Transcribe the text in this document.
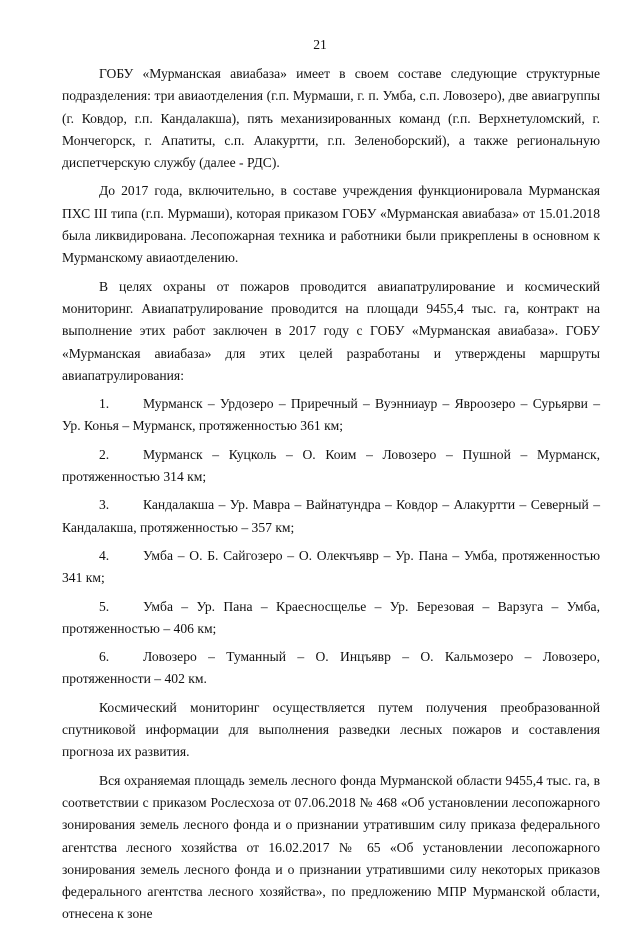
21

ГОБУ «Мурманская авиабаза» имеет в своем составе следующие структурные подразделения: три авиаотделения (г.п. Мурмаши, г. п. Умба, с.п. Ловозеро), две авиагруппы (г. Ковдор, г.п. Кандалакша), пять механизированных команд (г.п. Верхнетуломский, г. Мончегорск, г. Апатиты, с.п. Алакуртти, г.п. Зеленоборский), а также региональную диспетчерскую службу (далее - РДС).

До 2017 года, включительно, в составе учреждения функционировала Мурманская ПХС III типа (г.п. Мурмаши), которая приказом ГОБУ «Мурманская авиабаза» от 15.01.2018 была ликвидирована. Лесопожарная техника и работники были прикреплены в основном к Мурманскому авиаотделению.

В целях охраны от пожаров проводится авиапатрулирование и космический мониторинг. Авиапатрулирование проводится на площади 9455,4 тыс. га, контракт на выполнение этих работ заключен в 2017 году с ГОБУ «Мурманская авиабаза». ГОБУ «Мурманская авиабаза» для этих целей разработаны и утверждены маршруты авиапатрулирования:

1. Мурманск – Урдозеро – Приречный – Вуэнниаур – Явроозеро – Сурьярви – Ур. Конья – Мурманск, протяженностью 361 км;

2. Мурманск – Куцколь – О. Коим – Ловозеро – Пушной – Мурманск, протяженностью 314 км;

3. Кандалакша – Ур. Мавра – Вайнатундра – Ковдор – Алакуртти – Северный – Кандалакша, протяженностью – 357 км;

4. Умба – О. Б. Сайгозеро – О. Олекчъявр – Ур. Пана – Умба, протяженностью 341 км;

5. Умба – Ур. Пана – Краесносщелье – Ур. Березовая – Варзуга – Умба, протяженностью – 406 км;

6. Ловозеро – Туманный – О. Инцъявр – О. Кальмозеро – Ловозеро, протяженности – 402 км.

Космический мониторинг осуществляется путем получения преобразованной спутниковой информации для выполнения разведки лесных пожаров и составления прогноза их развития.

Вся охраняемая площадь земель лесного фонда Мурманской области 9455,4 тыс. га, в соответствии с приказом Рослесхоза от 07.06.2018 № 468 «Об установлении лесопожарного зонирования земель лесного фонда и о признании утратившим силу приказа федерального агентства лесного хозяйства от 16.02.2017 № 65 «Об установлении лесопожарного зонирования земель лесного фонда и о признании утратившими силу некоторых приказов федерального агентства лесного хозяйства», по предложению МПР Мурманской области, отнесена к зоне
